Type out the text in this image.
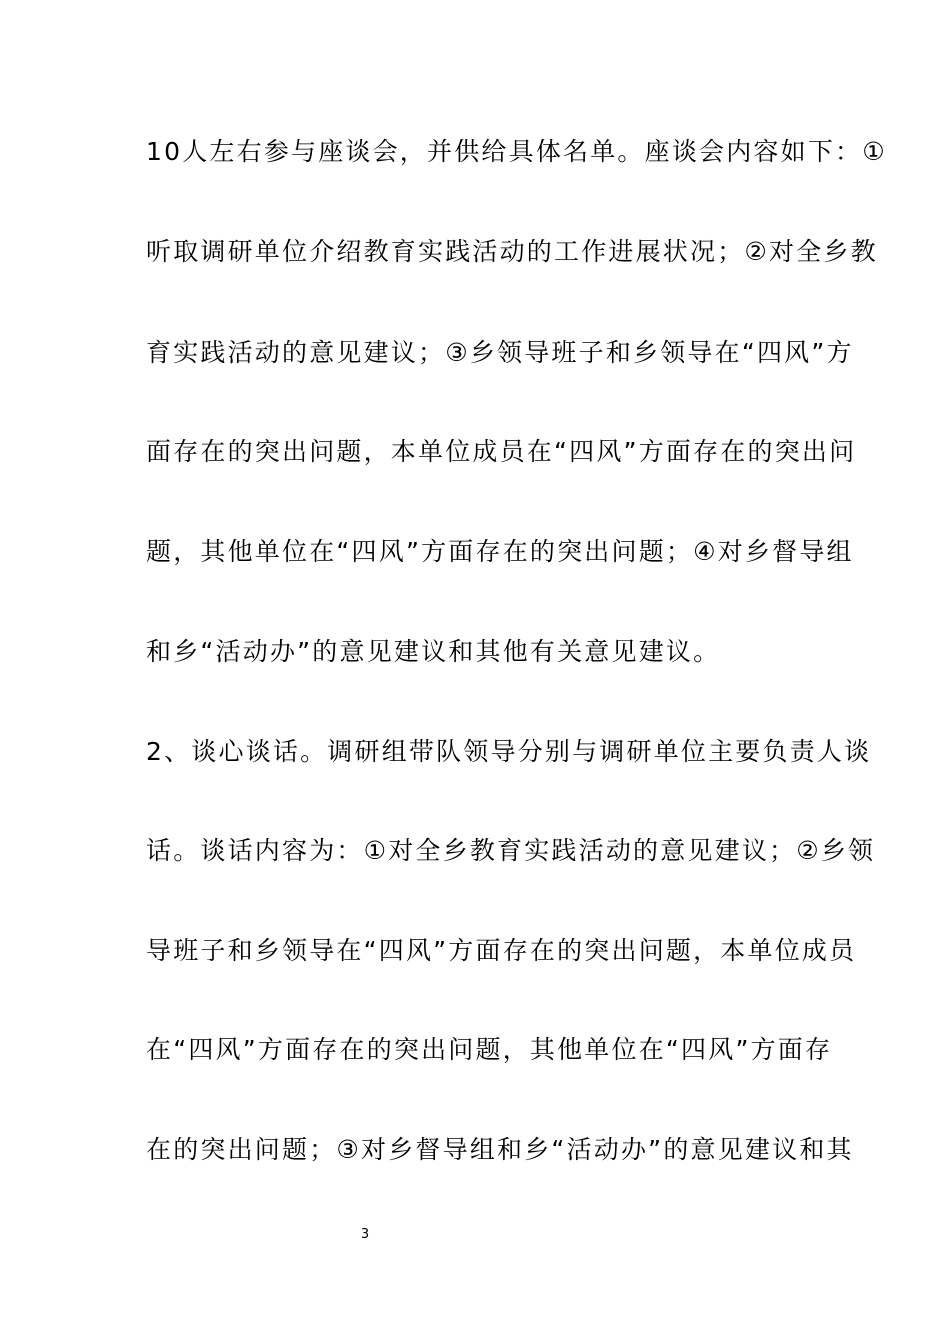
10人左右参与座谈会，并供给具体名单。座谈会内容如下：①
听取调研单位介绍教育实践活动的工作进展状况；②对全乡教
育实践活动的意见建议；③乡领导班子和乡领导在“四风”方
面存在的突出问题，本单位成员在“四风”方面存在的突出问
题，其他单位在“四风”方面存在的突出问题；④对乡督导组
和乡“活动办”的意见建议和其他有关意见建议。
2、谈心谈话。调研组带队领导分别与调研单位主要负责人谈
话。谈话内容为：①对全乡教育实践活动的意见建议；②乡领
导班子和乡领导在“四风”方面存在的突出问题，本单位成员
在“四风”方面存在的突出问题，其他单位在“四风”方面存
在的突出问题；③对乡督导组和乡“活动办”的意见建议和其
3
